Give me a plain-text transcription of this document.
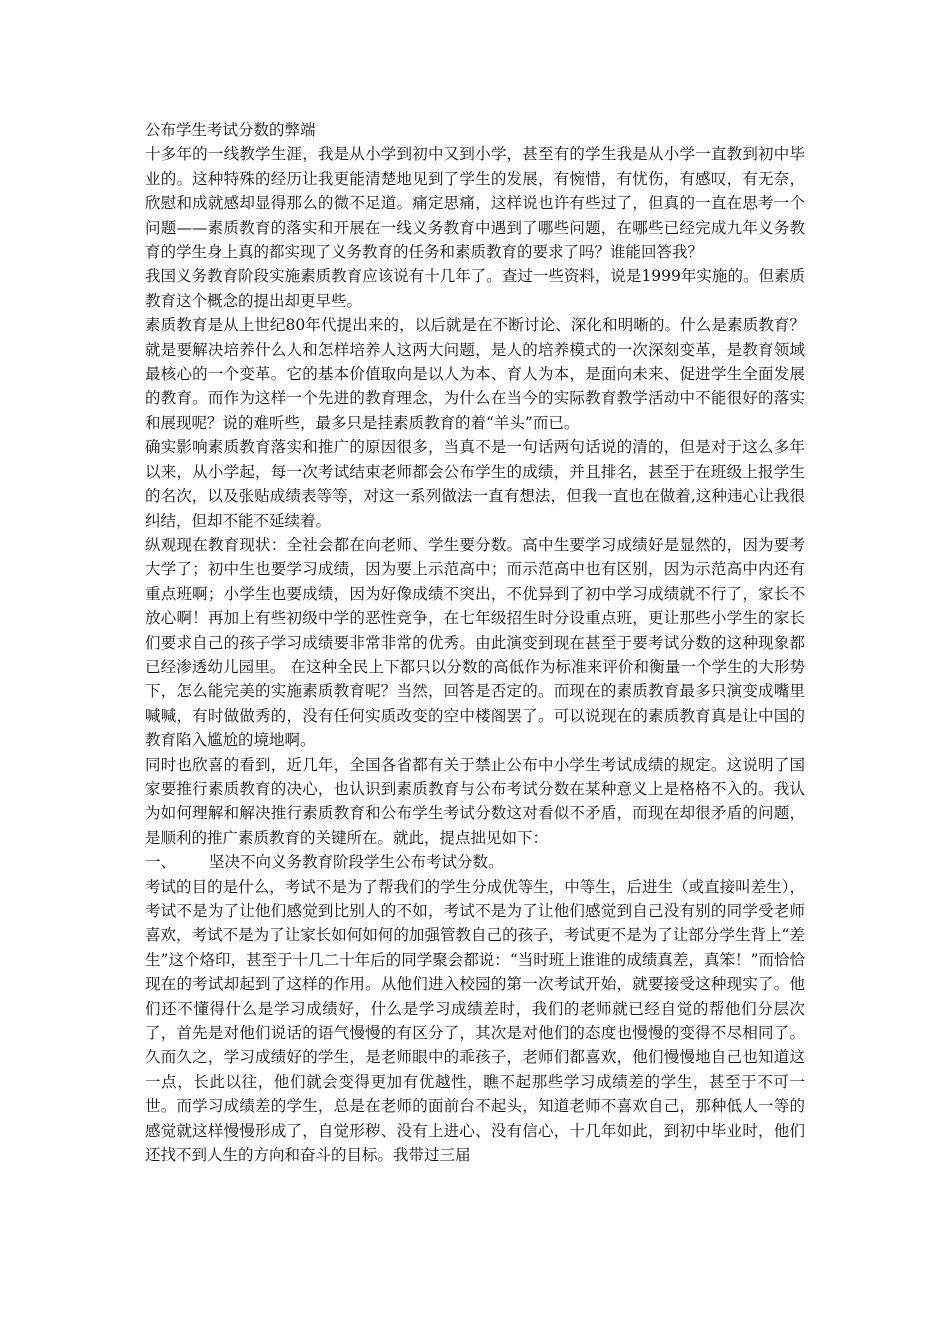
公布学生考试分数的弊端

十多年的一线教学生涯，我是从小学到初中又到小学，甚至有的学生我是从小学一直教到初中毕业的。这种特殊的经历让我更能清楚地见到了学生的发展，有惋惜，有忧伤，有感叹，有无奈，欣慰和成就感却显得那么的微不足道。痛定思痛，这样说也许有些过了，但真的一直在思考一个问题——素质教育的落实和开展在一线义务教育中遇到了哪些问题，在哪些已经完成九年义务教育的学生身上真的都实现了义务教育的任务和素质教育的要求了吗？谁能回答我？

我国义务教育阶段实施素质教育应该说有十几年了。查过一些资料，说是1999年实施的。但素质教育这个概念的提出却更早些。

素质教育是从上世纪80年代提出来的，以后就是在不断讨论、深化和明晰的。什么是素质教育？就是要解决培养什么人和怎样培养人这两大问题，是人的培养模式的一次深刻变革，是教育领域最核心的一个变革。它的基本价值取向是以人为本、育人为本，是面向未来、促进学生全面发展的教育。而作为这样一个先进的教育理念，为什么在当今的实际教育教学活动中不能很好的落实和展现呢？说的难听些，最多只是挂素质教育的着“羊头”而已。

确实影响素质教育落实和推广的原因很多，当真不是一句话两句话说的清的，但是对于这么多年以来，从小学起，每一次考试结束老师都会公布学生的成绩，并且排名，甚至于在班级上报学生的名次，以及张贴成绩表等等，对这一系列做法一直有想法，但我一直也在做着,这种违心让我很纠结，但却不能不延续着。

纵观现在教育现状：全社会都在向老师、学生要分数。高中生要学习成绩好是显然的，因为要考大学了；初中生也要学习成绩，因为要上示范高中；而示范高中也有区别，因为示范高中内还有重点班啊；小学生也要成绩，因为好像成绩不突出，不优异到了初中学习成绩就不行了，家长不放心啊！再加上有些初级中学的恶性竞争，在七年级招生时分设重点班，更让那些小学生的家长们要求自己的孩子学习成绩要非常非常的优秀。由此演变到现在甚至于要考试分数的这种现象都已经渗透幼儿园里。 在这种全民上下都只以分数的高低作为标准来评价和衡量一个学生的大形势下，怎么能完美的实施素质教育呢？当然，回答是否定的。而现在的素质教育最多只演变成嘴里喊喊，有时做做秀的，没有任何实质改变的空中楼阁罢了。可以说现在的素质教育真是让中国的教育陷入尴尬的境地啊。

同时也欣喜的看到，近几年，全国各省都有关于禁止公布中小学生考试成绩的规定。这说明了国家要推行素质教育的决心，也认识到素质教育与公布考试分数在某种意义上是格格不入的。我认为如何理解和解决推行素质教育和公布学生考试分数这对看似不矛盾，而现在却很矛盾的问题，是顺利的推广素质教育的关键所在。就此，提点拙见如下：

一、	坚决不向义务教育阶段学生公布考试分数。

考试的目的是什么，考试不是为了帮我们的学生分成优等生，中等生，后进生（或直接叫差生），考试不是为了让他们感觉到比别人的不如，考试不是为了让他们感觉到自己没有别的同学受老师喜欢，考试不是为了让家长如何如何的加强管教自己的孩子，考试更不是为了让部分学生背上“差生”这个烙印，甚至于十几二十年后的同学聚会都说：“当时班上谁谁的成绩真差，真笨！”而恰恰现在的考试却起到了这样的作用。从他们进入校园的第一次考试开始，就要接受这种现实了。他们还不懂得什么是学习成绩好，什么是学习成绩差时，我们的老师就已经自觉的帮他们分层次了，首先是对他们说话的语气慢慢的有区分了，其次是对他们的态度也慢慢的变得不尽相同了。久而久之，学习成绩好的学生，是老师眼中的乖孩子，老师们都喜欢，他们慢慢地自己也知道这一点，长此以往，他们就会变得更加有优越性，瞧不起那些学习成绩差的学生，甚至于不可一世。而学习成绩差的学生，总是在老师的面前台不起头，知道老师不喜欢自己，那种低人一等的感觉就这样慢慢形成了，自觉形秽、没有上进心、没有信心，十几年如此，到初中毕业时，他们还找不到人生的方向和奋斗的目标。我带过三届
